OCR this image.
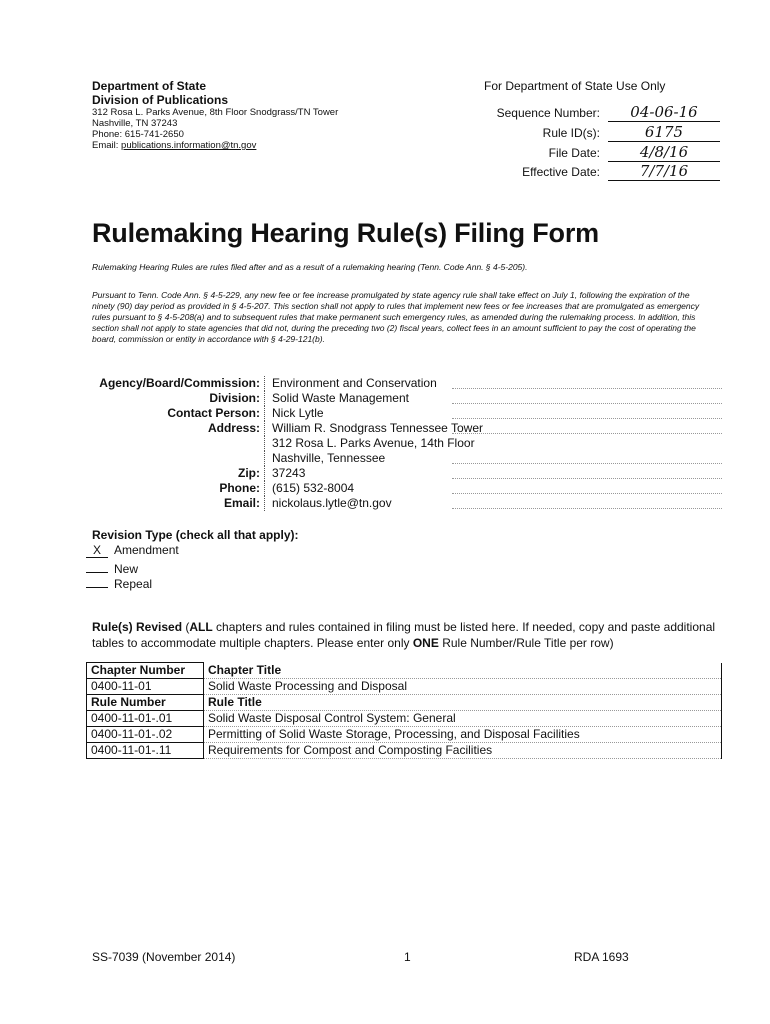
Department of State
Division of Publications
312 Rosa L. Parks Avenue, 8th Floor Snodgrass/TN Tower
Nashville, TN 37243
Phone: 615-741-2650
Email: publications.information@tn.gov
For Department of State Use Only
Sequence Number:	04-06-16
Rule ID(s):	6175
File Date:	4/8/16
Effective Date:	7/7/16
Rulemaking Hearing Rule(s) Filing Form
Rulemaking Hearing Rules are rules filed after and as a result of a rulemaking hearing (Tenn. Code Ann. § 4-5-205).
Pursuant to Tenn. Code Ann. § 4-5-229, any new fee or fee increase promulgated by state agency rule shall take effect on July 1, following the expiration of the ninety (90) day period as provided in § 4-5-207. This section shall not apply to rules that implement new fees or fee increases that are promulgated as emergency rules pursuant to § 4-5-208(a) and to subsequent rules that make permanent such emergency rules, as amended during the rulemaking process. In addition, this section shall not apply to state agencies that did not, during the preceding two (2) fiscal years, collect fees in an amount sufficient to pay the cost of operating the board, commission or entity in accordance with § 4-29-121(b).
Agency/Board/Commission: Environment and Conservation
Division: Solid Waste Management
Contact Person: Nick Lytle
Address: William R. Snodgrass Tennessee Tower
312 Rosa L. Parks Avenue, 14th Floor
Nashville, Tennessee
Zip: 37243
Phone: (615) 532-8004
Email: nickolaus.lytle@tn.gov
Revision Type (check all that apply):
X Amendment
New
Repeal
Rule(s) Revised (ALL chapters and rules contained in filing must be listed here. If needed, copy and paste additional tables to accommodate multiple chapters. Please enter only ONE Rule Number/Rule Title per row)
Chapter Number	Chapter Title
0400-11-01	Solid Waste Processing and Disposal
Rule Number	Rule Title
0400-11-01-.01	Solid Waste Disposal Control System: General
0400-11-01-.02	Permitting of Solid Waste Storage, Processing, and Disposal Facilities
0400-11-01-.11	Requirements for Compost and Composting Facilities
SS-7039 (November 2014)	1	RDA 1693
